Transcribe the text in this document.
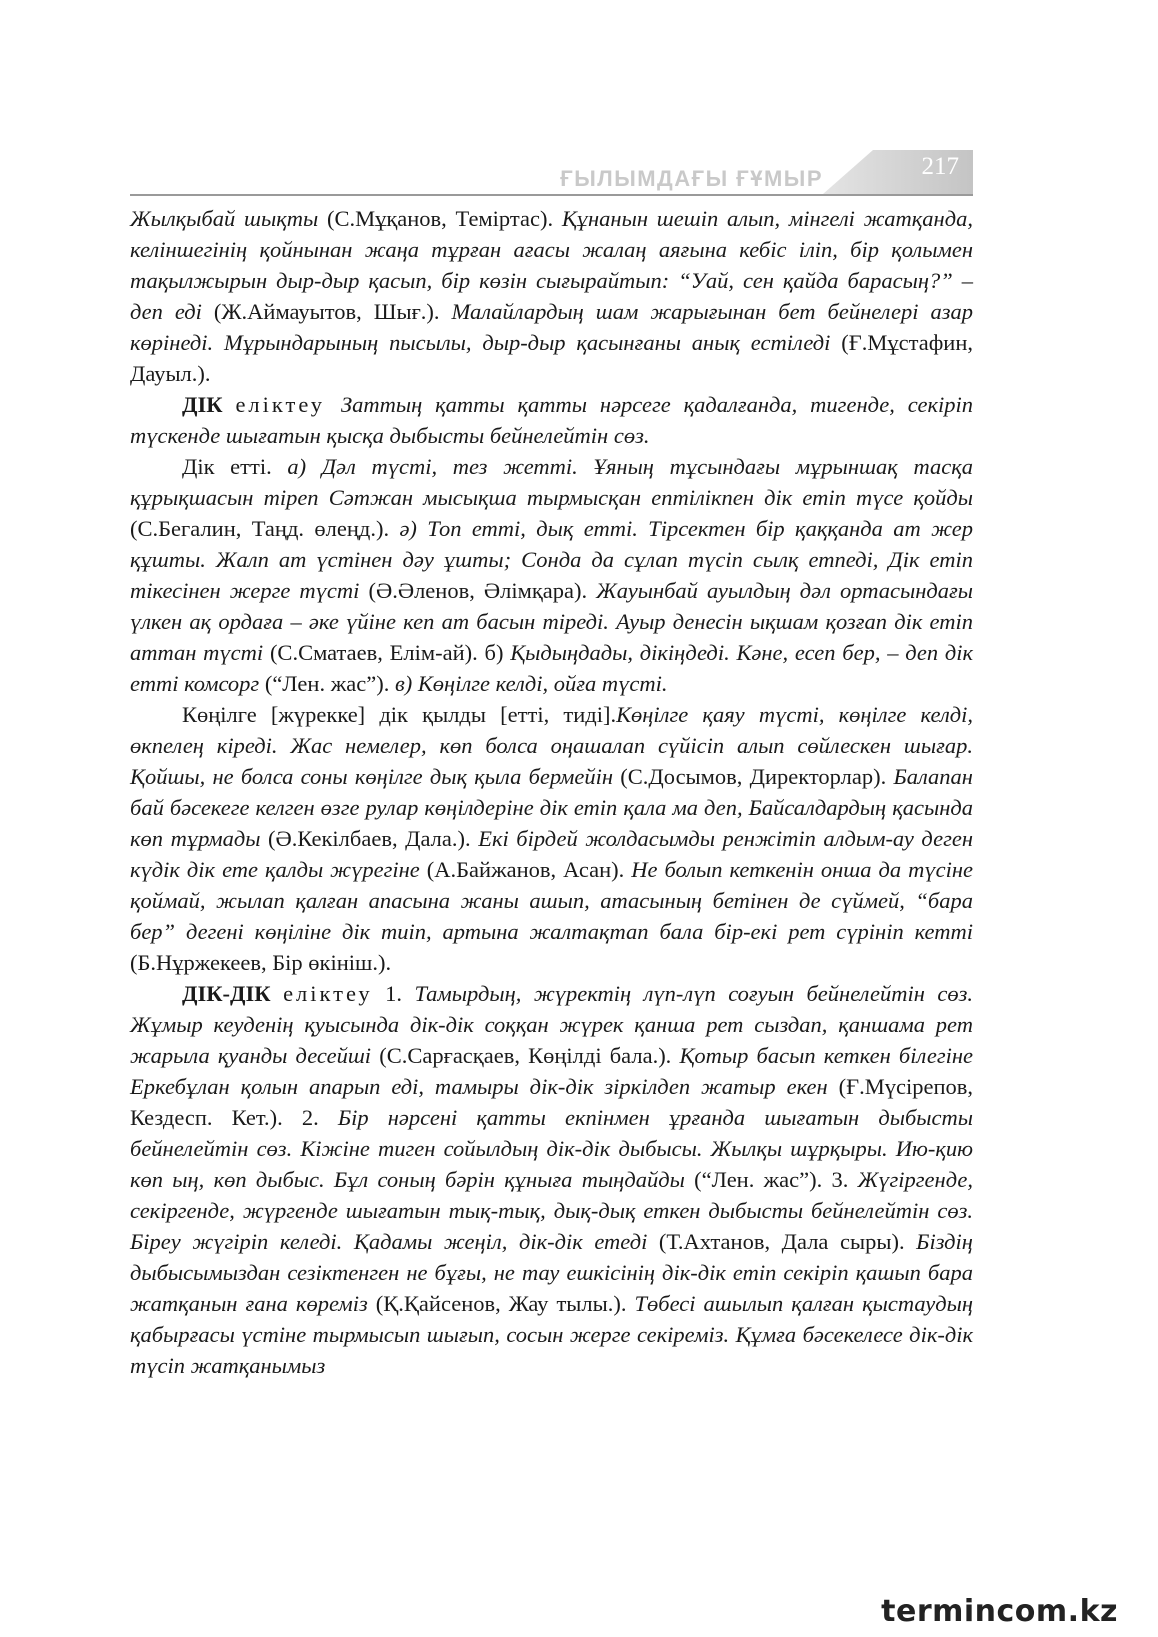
ҒЫЛЫМДАҒЫ ҒҰМЫР	217

Жылқыбай шықты (С.Мұқанов, Теміртас). Құнанын шешіп алып, мінгелі жатқанда, келіншегінің қойнынан жаңа тұрған ағасы жалаң аяғына кебіс іліп, бір қолымен тақылжырын дыр-дыр қасып, бір көзін сығырайтып: “Уай, сен қайда барасың?” – деп еді (Ж.Аймауытов, Шығ.). Малайлардың шам жарығынан бет бейнелері азар көрінеді. Мұрындарының пысылы, дыр-дыр қасынғаны анық естіледі (Ғ.Мұстафин, Дауыл.).

ДІК еліктеу Заттың қатты қатты нәрсеге қадалғанда, тигенде, секіріп түскенде шығатын қысқа дыбысты бейнелейтін сөз.

Дік етті. а) Дәл түсті, тез жетті. Ұяның тұсындағы мұрыншақ тасқа құрықшасын тіреп Сәтжан мысықша тырмысқан ептілікпен дік етіп түсе қойды (С.Бегалин, Таңд. өлеңд.). ә) Топ етті, дық етті. Тірсектен бір қаққанда ат жер құшты. Жалп ат үстінен дәу ұшты; Сонда да сұлап түсіп сылқ етпеді, Дік етіп тікесінен жерге түсті (Ә.Әленов, Әлімқара). Жауынбай ауылдың дәл ортасындағы үлкен ақ ордаға – әке үйіне кеп ат басын тіреді. Ауыр денесін ықшам қозғап дік етіп аттан түсті (С.Сматаев, Елім-ай). б) Қыдыңдады, дікіңдеді. Кәне, есеп бер, – деп дік етті комсорг (“Лен. жас”). в) Көңілге келді, ойға түсті.

Көңілге [жүрекке] дік қылды [етті, тиді].Көңілге қаяу түсті, көңілге келді, өкпелең кіреді. Жас немелер, көп болса оңашалап сүйісіп алып сөйлескен шығар. Қойшы, не болса соны көңілге дық қыла бермейін (С.Досымов, Директорлар). Балапан бай бәсекеге келген өзге рулар көңілдеріне дік етіп қала ма деп, Байсалдардың қасында көп тұрмады (Ә.Кекілбаев, Дала.). Екі бірдей жолдасымды ренжітіп алдым-ау деген күдік дік ете қалды жүрегіне (А.Байжанов, Асан). Не болып кеткенін онша да түсіне қоймай, жылап қалған апасына жаны ашып, атасының бетінен де сүймей, “бара бер” дегені көңіліне дік тиіп, артына жалтақтап бала бір-екі рет сүрініп кетті (Б.Нұржекеев, Бір өкініш.).

ДІК-ДІК еліктеу 1. Тамырдың, жүректің лүп-лүп соғуын бейнелейтін сөз. Жұмыр кеуденің қуысында дік-дік соққан жүрек қанша рет сыздап, қаншама рет жарыла қуанды десейші (С.Сарғасқаев, Көңілді бала.). Қотыр басып кеткен білегіне Еркебұлан қолын апарып еді, тамыры дік-дік зіркілдеп жатыр екен (Ғ.Мүсірепов, Кездесп. Кет.). 2. Бір нәрсені қатты екпінмен ұрғанда шығатын дыбысты бейнелейтін сөз. Кіжіне тиген сойылдың дік-дік дыбысы. Жылқы шұрқыры. Ию-қию көп ың, көп дыбыс. Бұл соның бәрін құныға тыңдайды (“Лен. жас”). 3. Жүгіргенде, секіргенде, жүргенде шығатын тық-тық, дық-дық еткен дыбысты бейнелейтін сөз. Біреу жүгіріп келеді. Қадамы жеңіл, дік-дік етеді (Т.Ахтанов, Дала сыры). Біздің дыбысымыздан сезіктенген не бұғы, не тау ешкісінің дік-дік етіп секіріп қашып бара жатқанын ғана көреміз (Қ.Қайсенов, Жау тылы.). Төбесі ашылып қалған қыстаудың қабырғасы үстіне тырмысып шығып, сосын жерге секіреміз. Құмға бәсекелесе дік-дік түсіп жатқанымыз

termincom.kz
